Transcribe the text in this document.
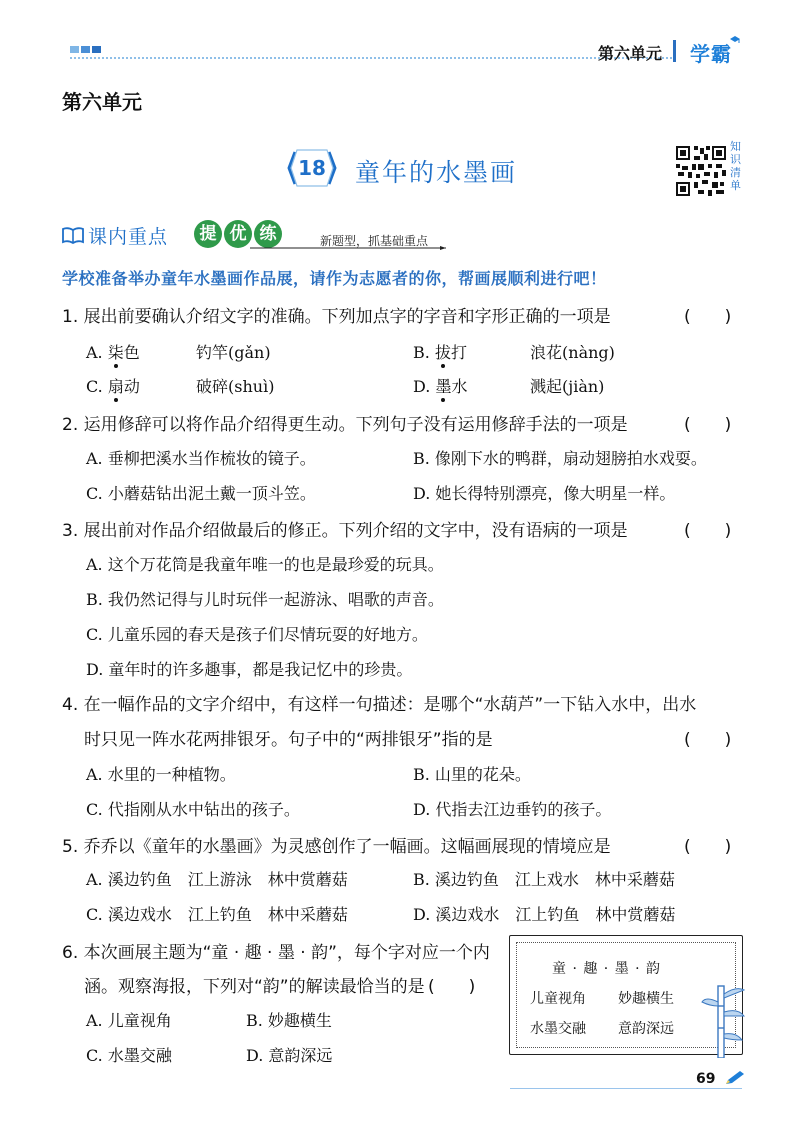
第六单元 学霸
第六单元
18	童年的水墨画
知识清单
课内重点	提 优 练	新题型，抓基础重点
学校准备举办童年水墨画作品展，请作为志愿者的你，帮画展顺利进行吧！
1. 展出前要确认介绍文字的准确。下列加点字的字音和字形正确的一项是	(　　)
A. 柒色	钓竿(gǎn)	B. 拔打	浪花(nàng)
C. 扇动	破碎(shuì)	D. 墨水	溅起(jiàn)
2. 运用修辞可以将作品介绍得更生动。下列句子没有运用修辞手法的一项是	(　　)
A. 垂柳把溪水当作梳妆的镜子。	B. 像刚下水的鸭群，扇动翅膀拍水戏耍。
C. 小蘑菇钻出泥土戴一顶斗笠。	D. 她长得特别漂亮，像大明星一样。
3. 展出前对作品介绍做最后的修正。下列介绍的文字中，没有语病的一项是	(　　)
A. 这个万花筒是我童年唯一的也是最珍爱的玩具。
B. 我仍然记得与儿时玩伴一起游泳、唱歌的声音。
C. 儿童乐园的春天是孩子们尽情玩耍的好地方。
D. 童年时的许多趣事，都是我记忆中的珍贵。
4. 在一幅作品的文字介绍中，有这样一句描述：是哪个“水葫芦”一下钻入水中，出水
时只见一阵水花两排银牙。句子中的“两排银牙”指的是	(　　)
A. 水里的一种植物。	B. 山里的花朵。
C. 代指刚从水中钻出的孩子。	D. 代指去江边垂钓的孩子。
5. 乔乔以《童年的水墨画》为灵感创作了一幅画。这幅画展现的情境应是	(　　)
A. 溪边钓鱼　江上游泳　林中赏蘑菇	B. 溪边钓鱼　江上戏水　林中采蘑菇
C. 溪边戏水　江上钓鱼　林中采蘑菇	D. 溪边戏水　江上钓鱼　林中赏蘑菇
6. 本次画展主题为“童 · 趣 · 墨 · 韵”，每个字对应一个内
涵。观察海报，下列对“韵”的解读最恰当的是 (　　)
A. 儿童视角	B. 妙趣横生
C. 水墨交融	D. 意韵深远
童 · 趣 · 墨 · 韵
儿童视角 妙趣横生
水墨交融 意韵深远
69
